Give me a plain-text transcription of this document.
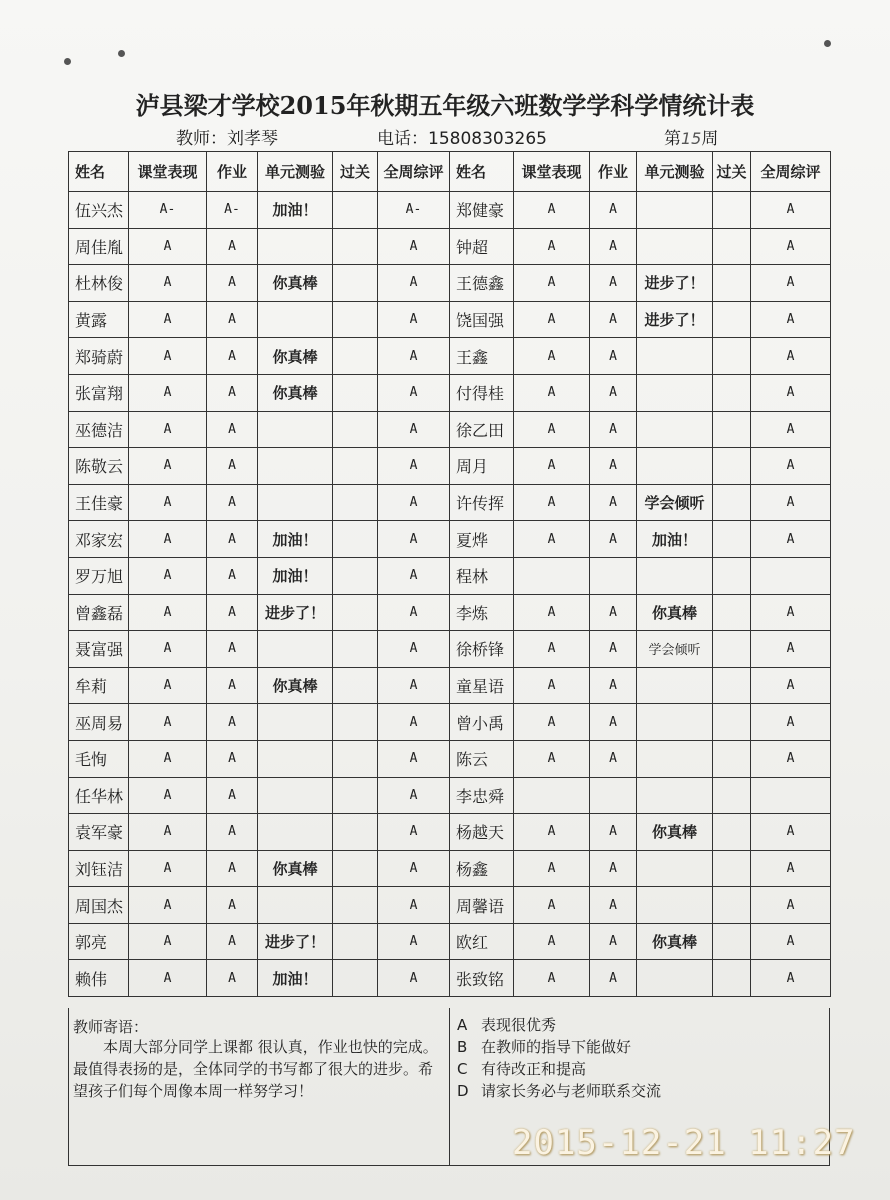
泸县梁才学校2015年秋期五年级六班数学学科学情统计表
教师：刘孝琴	电话：15808303265	第15周
姓名	课堂表现	作业	单元测验	过关	全周综评	姓名	课堂表现	作业	单元测验	过关	全周综评
伍兴杰	A-	A-	加油！		A-	郑健豪	A	A			A
周佳胤	A	A			A	钟超	A	A			A
杜林俊	A	A	你真棒		A	王德鑫	A	A	进步了！		A
黄露	A	A			A	饶国强	A	A	进步了！		A
郑骑蔚	A	A	你真棒		A	王鑫	A	A			A
张富翔	A	A	你真棒		A	付得桂	A	A			A
巫德洁	A	A			A	徐乙田	A	A			A
陈敬云	A	A			A	周月	A	A			A
王佳豪	A	A			A	许传挥	A	A	学会倾听		A
邓家宏	A	A	加油！		A	夏烨	A	A	加油！		A
罗万旭	A	A	加油！		A	程林					
曾鑫磊	A	A	进步了！		A	李炼	A	A	你真棒		A
聂富强	A	A			A	徐桥锋	A	A	学会倾听		A
牟莉	A	A	你真棒		A	童星语	A	A			A
巫周易	A	A			A	曾小禹	A	A			A
毛恂	A	A			A	陈云	A	A			A
任华林	A	A			A	李忠舜					
袁军豪	A	A			A	杨越天	A	A	你真棒		A
刘钰洁	A	A	你真棒		A	杨鑫	A	A			A
周国杰	A	A			A	周馨语	A	A			A
郭亮	A	A	进步了！		A	欧红	A	A	你真棒		A
赖伟	A	A	加油！		A	张致铭	A	A			A
教师寄语：
本周大部分同学上课都 很认真，作业也快的完成。最值得表扬的是，全体同学的书写都了很大的进步。希望孩子们每个周像本周一样努学习！
A 表现很优秀
B 在教师的指导下能做好
C 有待改正和提高
D 请家长务必与老师联系交流
2015-12-21 11:27
